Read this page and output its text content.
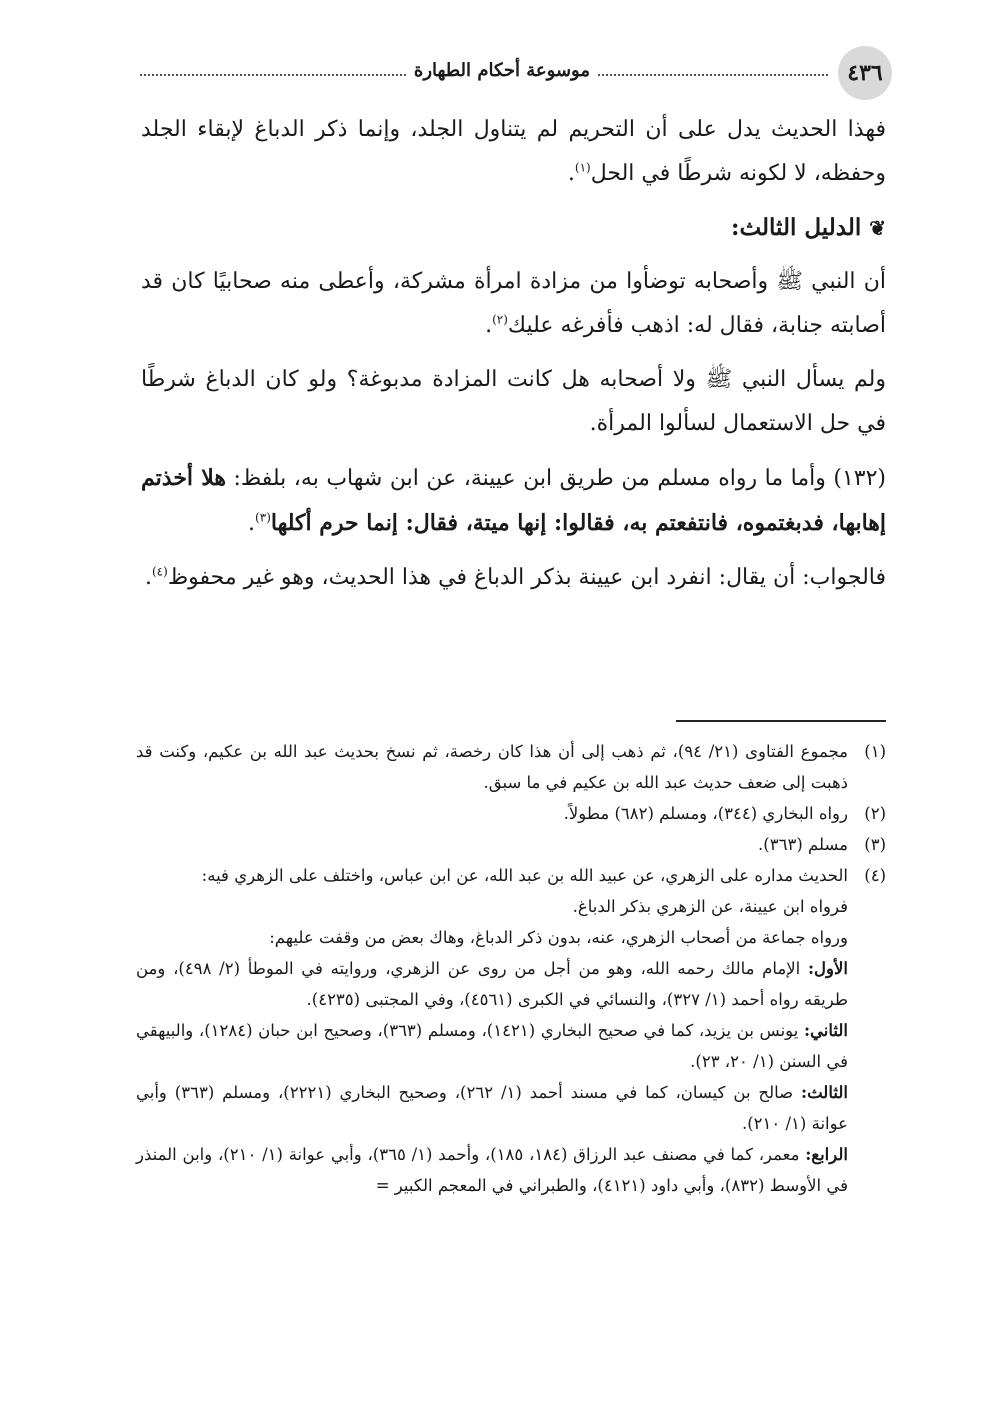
٤٣٦
موسوعة أحكام الطهارة

فهذا الحديث يدل على أن التحريم لم يتناول الجلد، وإنما ذكر الدباغ لإبقاء الجلد وحفظه، لا لكونه شرطًا في الحل$^{(١)}$.

❦
الدليل الثالث:

أن النبي ﷺ وأصحابه توضأوا من مزادة امرأة مشركة، وأعطى منه صحابيًا كان قد أصابته جنابة، فقال له: اذهب فأفرغه عليك$^{(٢)}$.

ولم يسأل النبي ﷺ ولا أصحابه هل كانت المزادة مدبوغة؟ ولو كان الدباغ شرطًا في حل الاستعمال لسألوا المرأة.

(١٣٢) وأما ما رواه مسلم من طريق ابن عيينة، عن ابن شهاب به، بلفظ: هلا أخذتم إهابها، فدبغتموه، فانتفعتم به، فقالوا: إنها ميتة، فقال: إنما حرم أكلها$^{(٣)}$.

فالجواب: أن يقال: انفرد ابن عيينة بذكر الدباغ في هذا الحديث، وهو غير محفوظ$^{(٤)}$.

(١)

مجموع الفتاوى (٢١/ ٩٤)، ثم ذهب إلى أن هذا كان رخصة، ثم نسخ بحديث عبد الله بن عكيم، وكنت قد ذهبت إلى ضعف حديث عبد الله بن عكيم في ما سبق.

(٢)

رواه البخاري (٣٤٤)، ومسلم (٦٨٢) مطولاً.

(٣)

مسلم (٣٦٣).

(٤)

الحديث مداره على الزهري، عن عبيد الله بن عبد الله، عن ابن عباس، واختلف على الزهري فيه:

فرواه ابن عيينة، عن الزهري بذكر الدباغ.

ورواه جماعة من أصحاب الزهري، عنه، بدون ذكر الدباغ، وهاك بعض من وقفت عليهم:

الأول: الإمام مالك رحمه الله، وهو من أجل من روى عن الزهري، وروايته في الموطأ (٢/ ٤٩٨)، ومن طريقه رواه أحمد (١/ ٣٢٧)، والنسائي في الكبرى (٤٥٦١)، وفي المجتبى (٤٢٣٥).

الثاني: يونس بن يزيد، كما في صحيح البخاري (١٤٢١)، ومسلم (٣٦٣)، وصحيح ابن حبان (١٢٨٤)، والبيهقي في السنن (١/ ٢٠، ٢٣).

الثالث: صالح بن كيسان، كما في مسند أحمد (١/ ٢٦٢)، وصحيح البخاري (٢٢٢١)، ومسلم (٣٦٣) وأبي عوانة (١/ ٢١٠).

الرابع: معمر، كما في مصنف عبد الرزاق (١٨٤، ١٨٥)، وأحمد (١/ ٣٦٥)، وأبي عوانة (١/ ٢١٠)، وابن المنذر في الأوسط (٨٣٢)، وأبي داود (٤١٢١)، والطبراني في المعجم الكبير =
